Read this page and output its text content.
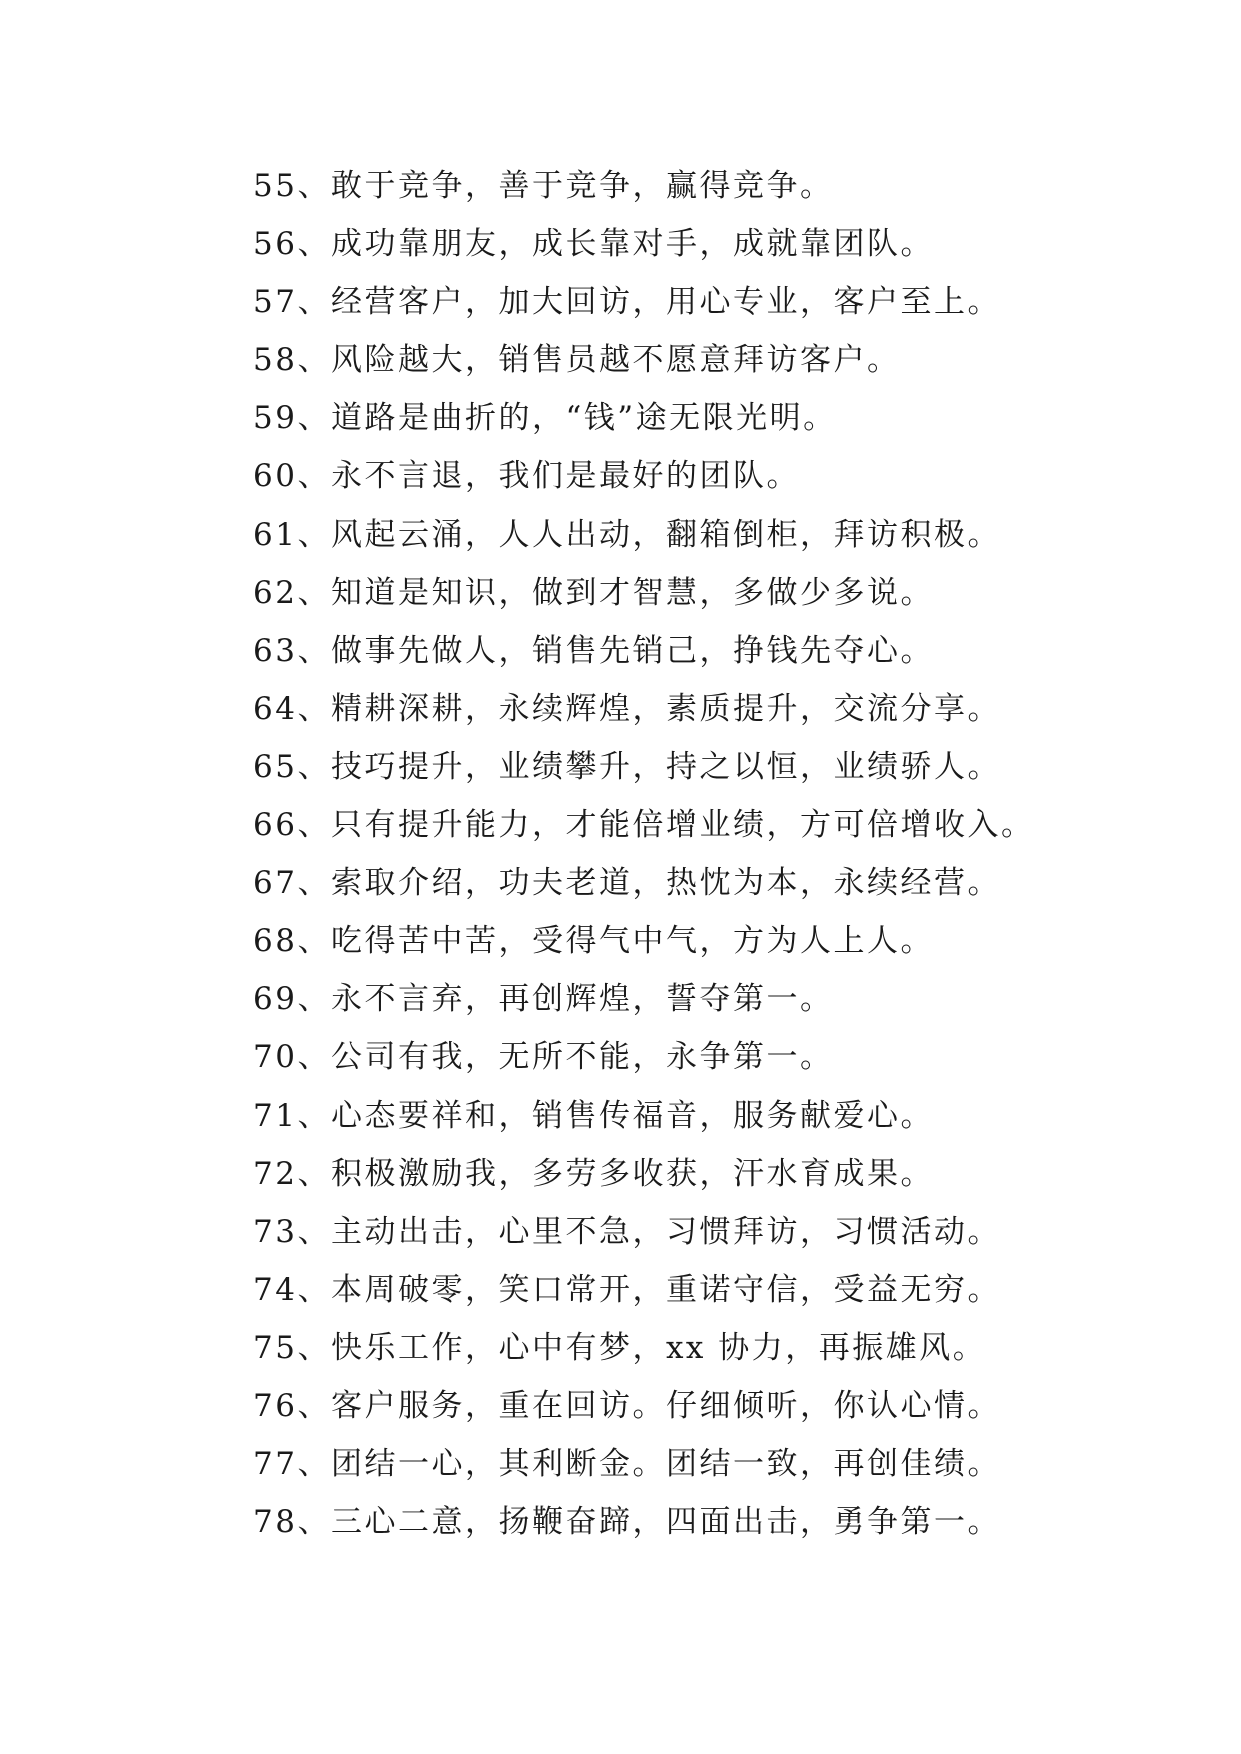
55、敢于竞争，善于竞争，赢得竞争。
56、成功靠朋友，成长靠对手，成就靠团队。
57、经营客户，加大回访，用心专业，客户至上。
58、风险越大，销售员越不愿意拜访客户。
59、道路是曲折的，“钱”途无限光明。
60、永不言退，我们是最好的团队。
61、风起云涌，人人出动，翻箱倒柜，拜访积极。
62、知道是知识，做到才智慧，多做少多说。
63、做事先做人，销售先销己，挣钱先夺心。
64、精耕深耕，永续辉煌，素质提升，交流分享。
65、技巧提升，业绩攀升，持之以恒，业绩骄人。
66、只有提升能力，才能倍增业绩，方可倍增收入。
67、索取介绍，功夫老道，热忱为本，永续经营。
68、吃得苦中苦，受得气中气，方为人上人。
69、永不言弃，再创辉煌，誓夺第一。
70、公司有我，无所不能，永争第一。
71、心态要祥和，销售传福音，服务献爱心。
72、积极激励我，多劳多收获，汗水育成果。
73、主动出击，心里不急，习惯拜访，习惯活动。
74、本周破零，笑口常开，重诺守信，受益无穷。
75、快乐工作，心中有梦，xx 协力，再振雄风。
76、客户服务，重在回访。仔细倾听，你认心情。
77、团结一心，其利断金。团结一致，再创佳绩。
78、三心二意，扬鞭奋蹄，四面出击，勇争第一。
